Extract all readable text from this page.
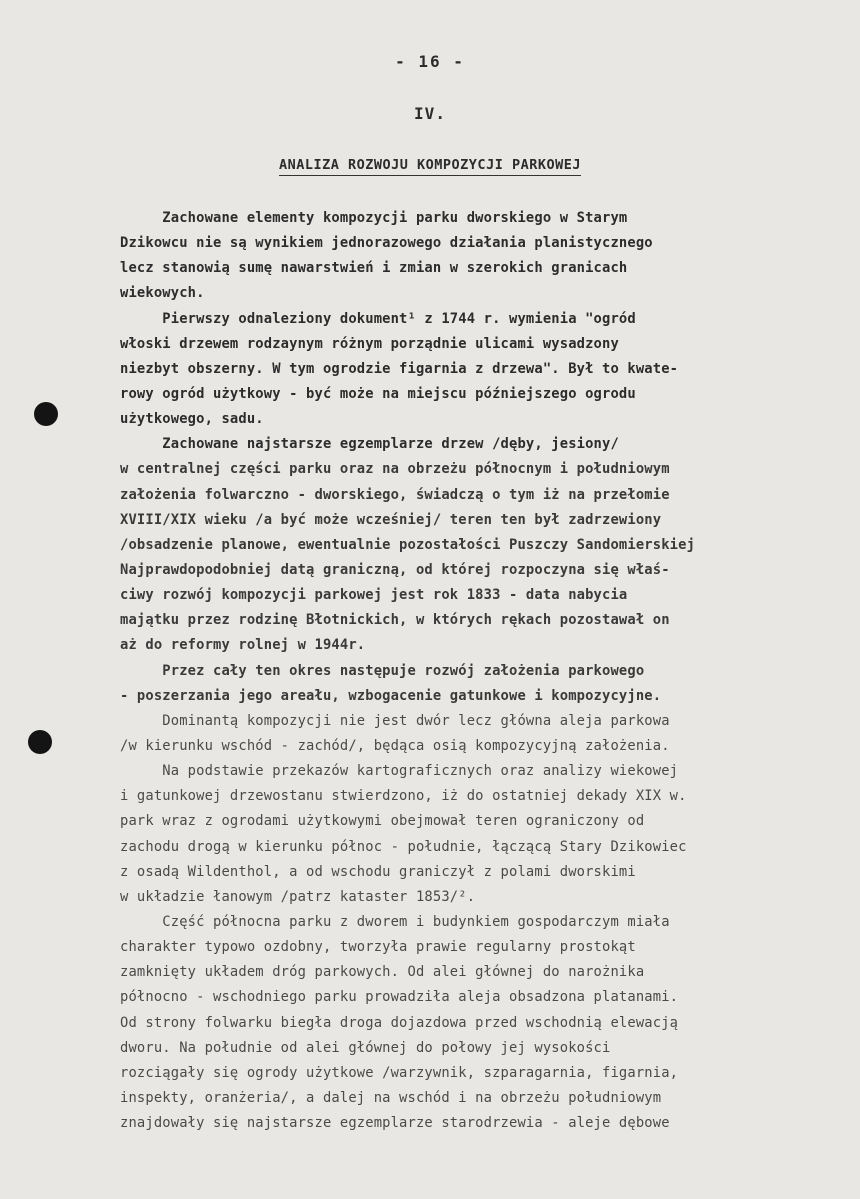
- 16 -
IV.
ANALIZA ROZWOJU KOMPOZYCJI PARKOWEJ
Zachowane elementy kompozycji parku dworskiego w Starym
Dzikowcu nie są wynikiem jednorazowego działania planistycznego
lecz stanowią sumę nawarstwień i zmian w szerokich granicach
wiekowych.
Pierwszy odnaleziony dokument¹ z 1744 r. wymienia "ogród
włoski drzewem rodzaynym różnym porządnie ulicami wysadzony
niezbyt obszerny. W tym ogrodzie figarnia z drzewa". Był to kwate-
rowy ogród użytkowy - być może na miejscu późniejszego ogrodu
użytkowego, sadu.
Zachowane najstarsze egzemplarze drzew /dęby, jesiony/
w centralnej części parku oraz na obrzeżu północnym i południowym
założenia folwarczno - dworskiego, świadczą o tym iż na przełomie
XVIII/XIX wieku /a być może wcześniej/ teren ten był zadrzewiony
/obsadzenie planowe, ewentualnie pozostałości Puszczy Sandomierskiej
Najprawdopodobniej datą graniczną, od której rozpoczyna się właś-
ciwy rozwój kompozycji parkowej jest rok 1833 - data nabycia
majątku przez rodzinę Błotnickich, w których rękach pozostawał on
aż do reformy rolnej w 1944r.
Przez cały ten okres następuje rozwój założenia parkowego
- poszerzania jego areału, wzbogacenie gatunkowe i kompozycyjne.
Dominantą kompozycji nie jest dwór lecz główna aleja parkowa
/w kierunku wschód - zachód/, będąca osią kompozycyjną założenia.
Na podstawie przekazów kartograficznych oraz analizy wiekowej
i gatunkowej drzewostanu stwierdzono, iż do ostatniej dekady XIX w.
park wraz z ogrodami użytkowymi obejmował teren ograniczony od
zachodu drogą w kierunku północ - południe, łączącą Stary Dzikowiec
z osadą Wildenthol, a od wschodu graniczył z polami dworskimi
w układzie łanowym /patrz kataster 1853/².
Część północna parku z dworem i budynkiem gospodarczym miała
charakter typowo ozdobny, tworzyła prawie regularny prostokąt
zamknięty układem dróg parkowych. Od alei głównej do narożnika
północno - wschodniego parku prowadziła aleja obsadzona platanami.
Od strony folwarku biegła droga dojazdowa przed wschodnią elewacją
dworu. Na południe od alei głównej do połowy jej wysokości
rozciągały się ogrody użytkowe /warzywnik, szparagarnia, figarnia,
inspekty, oranżeria/, a dalej na wschód i na obrzeżu południowym
znajdowały się najstarsze egzemplarze starodrzewia - aleje dębowe
